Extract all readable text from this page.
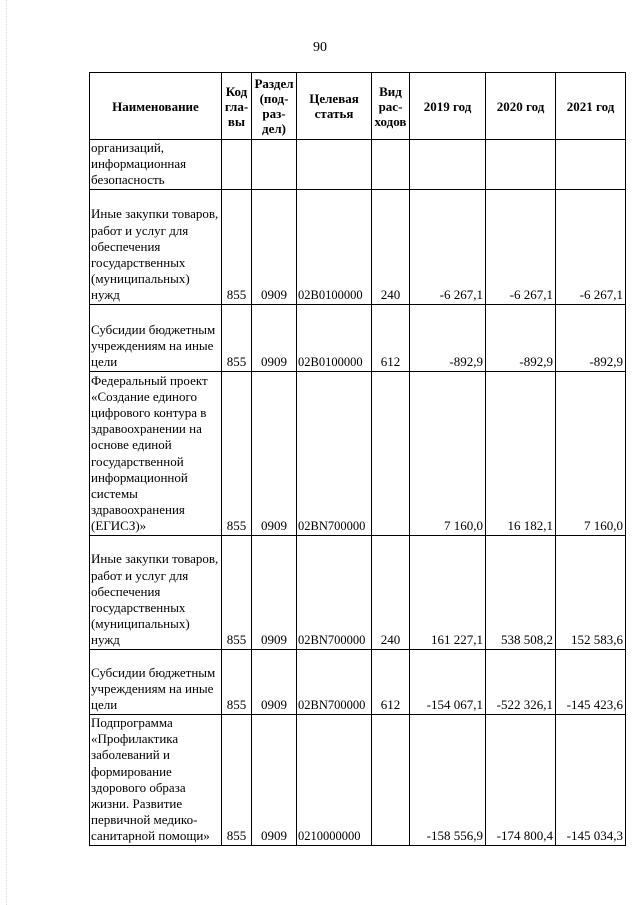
90
Наименование	Код гла-вы	Раздел (под-раз-дел)	Целевая статья	Вид рас-ходов	2019 год	2020 год	2021 год
организаций, информационная безопасность							
Иные закупки товаров, работ и услуг для обеспечения государственных (муниципальных) нужд	855	0909	02В0100000	240	-6 267,1	-6 267,1	-6 267,1
Субсидии бюджетным учреждениям на иные цели	855	0909	02В0100000	612	-892,9	-892,9	-892,9
Федеральный проект «Создание единого цифрового контура в здравоохранении на основе единой государственной информационной системы здравоохранения (ЕГИСЗ)»	855	0909	02BN700000		7 160,0	16 182,1	7 160,0
Иные закупки товаров, работ и услуг для обеспечения государственных (муниципальных) нужд	855	0909	02BN700000	240	161 227,1	538 508,2	152 583,6
Субсидии бюджетным учреждениям на иные цели	855	0909	02BN700000	612	-154 067,1	-522 326,1	-145 423,6
Подпрограмма «Профилактика заболеваний и формирование здорового образа жизни. Развитие первичной медико-санитарной помощи»	855	0909	0210000000		-158 556,9	-174 800,4	-145 034,3
